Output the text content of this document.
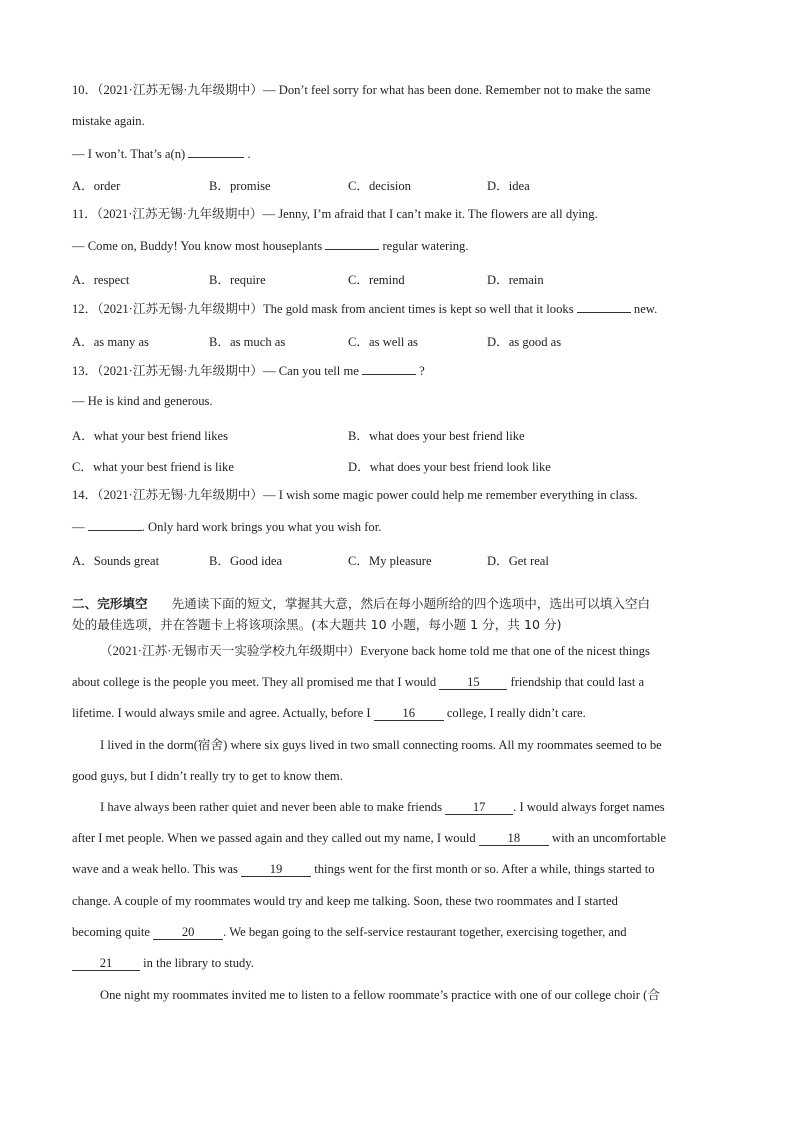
10．（2021·江苏无锡·九年级期中）— Don’t feel sorry for what has been done. Remember not to make the same
mistake again.
— I won’t. That’s a(n)	.
A．order	B．promise	C．decision	D．idea
11．（2021·江苏无锡·九年级期中）— Jenny, I’m afraid that I can’t make it. The flowers are all dying.
— Come on, Buddy! You know most houseplants	regular watering.
A．respect	B．require	C．remind	D．remain
12．（2021·江苏无锡·九年级期中）The gold mask from ancient times is kept so well that it looks	new.
A．as many as	B．as much as	C．as well as	D．as good as
13．（2021·江苏无锡·九年级期中）— Can you tell me	?
— He is kind and generous.
A．what your best friend likes	B．what does your best friend like
C．what your best friend is like	D．what does your best friend look like
14．（2021·江苏无锡·九年级期中）— I wish some magic power could help me remember everything in class.
—	. Only hard work brings you what you wish for.
A．Sounds great	B．Good idea	C．My pleasure	D．Get real
二、完形填空 先通读下面的短文，掌握其大意，然后在每小题所给的四个选项中，选出可以填入空白
处的最佳选项，并在答题卡上将该项涂黑。(本大题共 10 小题，每小题 1 分，共 10 分)
（2021·江苏·无锡市天一实验学校九年级期中）Everyone back home told me that one of the nicest things
about college is the people you meet. They all promised me that I would 15 friendship that could last a
lifetime. I would always smile and agree. Actually, before I	16	college, I really didn’t care.
I lived in the dorm(宿舍) where six guys lived in two small connecting rooms. All my roommates seemed to be
good guys, but I didn’t really try to get to know them.
I have always been rather quiet and never been able to make friends 17 . I would always forget names
after I met people. When we passed again and they called out my name, I would	18	with an uncomfortable
wave and a weak hello. This was	19	things went for the first month or so. After a while, things started to
change. A couple of my roommates would try and keep me talking. Soon, these two roommates and I started
becoming quite	20 . We began going to the self-service restaurant together, exercising together, and
21 in the library to study.
One night my roommates invited me to listen to a fellow roommate’s practice with one of our college choir (合
